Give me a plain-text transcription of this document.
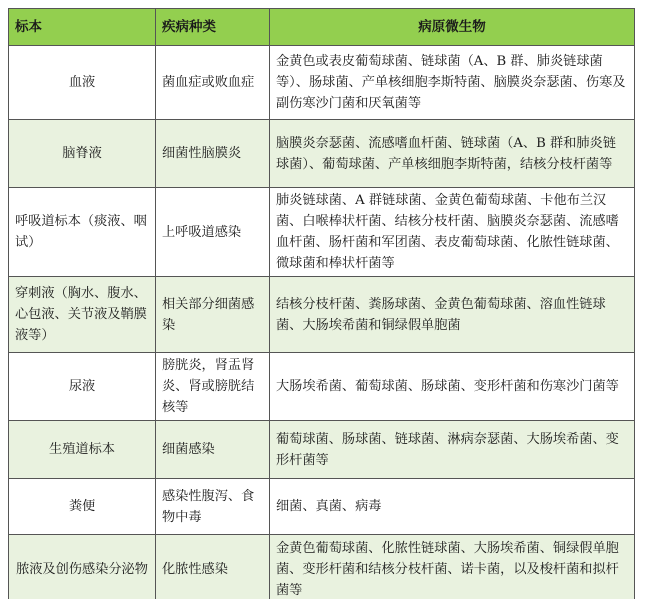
标本	疾病种类	病原微生物
血液	菌血症或败血症	金黄色或表皮葡萄球菌、链球菌（A、B 群、肺炎链球菌等）、肠球菌、产单核细胞李斯特菌、脑膜炎奈瑟菌、伤寒及副伤寒沙门菌和厌氧菌等
脑脊液	细菌性脑膜炎	脑膜炎奈瑟菌、流感嗜血杆菌、链球菌（A、B 群和肺炎链球菌）、葡萄球菌、产单核细胞李斯特菌，结核分枝杆菌等
呼吸道标本（痰液、咽试）	上呼吸道感染	肺炎链球菌、A 群链球菌、金黄色葡萄球菌、卡他布兰汉菌、白喉棒状杆菌、结核分枝杆菌、脑膜炎奈瑟菌、流感嗜血杆菌、肠杆菌和军团菌、表皮葡萄球菌、化脓性链球菌、微球菌和棒状杆菌等
穿刺液（胸水、腹水、心包液、关节液及鞘膜液等）	相关部分细菌感染	结核分枝杆菌、粪肠球菌、金黄色葡萄球菌、溶血性链球菌、大肠埃希菌和铜绿假单胞菌
尿液	膀胱炎，肾盂肾炎、肾或膀胱结核等	大肠埃希菌、葡萄球菌、肠球菌、变形杆菌和伤寒沙门菌等
生殖道标本	细菌感染	葡萄球菌、肠球菌、链球菌、淋病奈瑟菌、大肠埃希菌、变形杆菌等
粪便	感染性腹泻、食物中毒	细菌、真菌、病毒
脓液及创伤感染分泌物	化脓性感染	金黄色葡萄球菌、化脓性链球菌、大肠埃希菌、铜绿假单胞菌、变形杆菌和结核分枝杆菌、诺卡菌，以及梭杆菌和拟杆菌等
